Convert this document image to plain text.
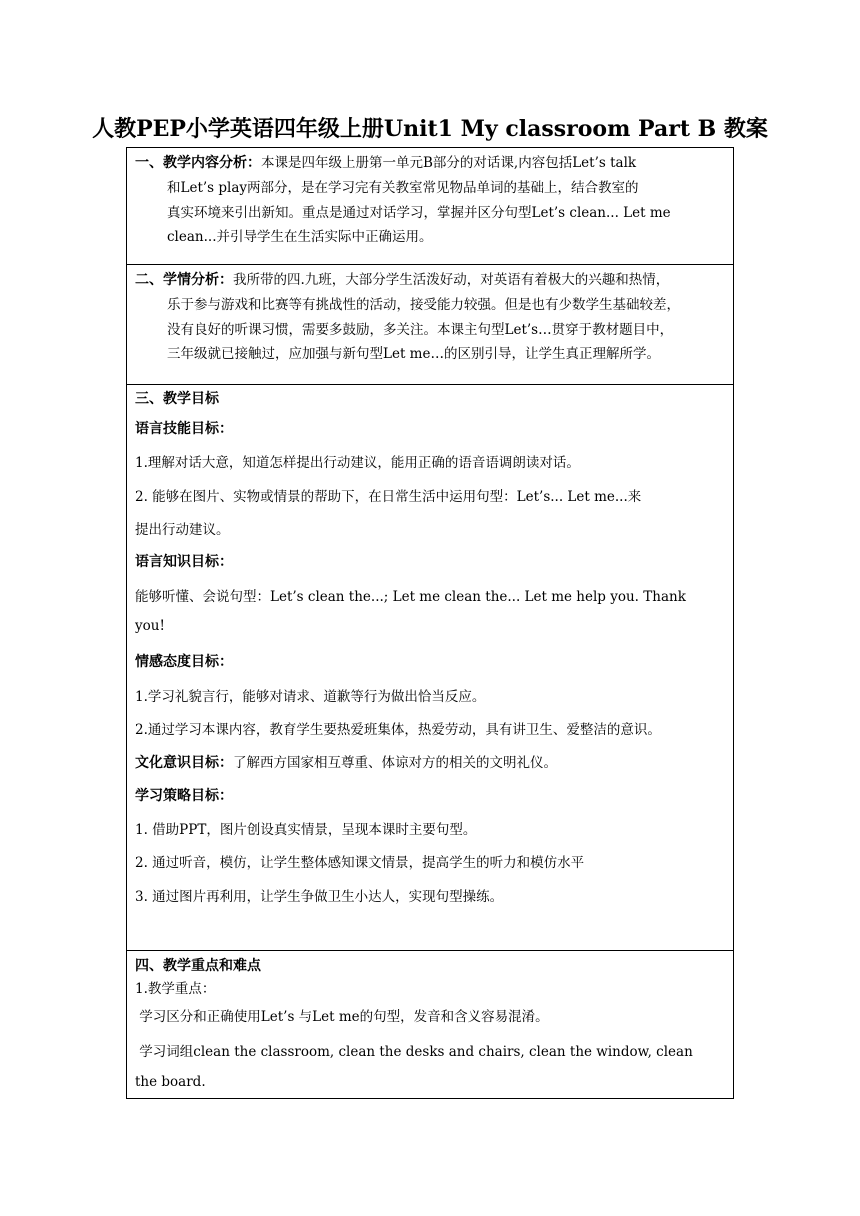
人教PEP小学英语四年级上册Unit1 My classroom Part B 教案
一、教学内容分析：本课是四年级上册第一单元B部分的对话课,内容包括Let’s talk
和Let’s play两部分，是在学习完有关教室常见物品单词的基础上，结合教室的
真实环境来引出新知。重点是通过对话学习，掌握并区分句型Let’s clean... Let me
clean...并引导学生在生活实际中正确运用。
二、学情分析：我所带的四.九班，大部分学生活泼好动，对英语有着极大的兴趣和热情，
乐于参与游戏和比赛等有挑战性的活动，接受能力较强。但是也有少数学生基础较差，
没有良好的听课习惯，需要多鼓励，多关注。本课主句型Let’s…贯穿于教材题目中，
三年级就已接触过，应加强与新句型Let me…的区别引导，让学生真正理解所学。
三、教学目标
语言技能目标：
1.理解对话大意，知道怎样提出行动建议，能用正确的语音语调朗读对话。
2. 能够在图片、实物或情景的帮助下，在日常生活中运用句型：Let’s... Let me...来
提出行动建议。
语言知识目标：
能够听懂、会说句型：Let’s clean the...; Let me clean the... Let me help you. Thank
you!
情感态度目标：
1.学习礼貌言行，能够对请求、道歉等行为做出恰当反应。
2.通过学习本课内容，教育学生要热爱班集体，热爱劳动，具有讲卫生、爱整洁的意识。
文化意识目标：了解西方国家相互尊重、体谅对方的相关的文明礼仪。
学习策略目标：
1. 借助PPT，图片创设真实情景，呈现本课时主要句型。
2. 通过听音，模仿，让学生整体感知课文情景，提高学生的听力和模仿水平
3. 通过图片再利用，让学生争做卫生小达人，实现句型操练。
四、教学重点和难点
1.教学重点：
学习区分和正确使用Let’s 与Let me的句型，发音和含义容易混淆。
学习词组clean the classroom, clean the desks and chairs, clean the window, clean
the board.
